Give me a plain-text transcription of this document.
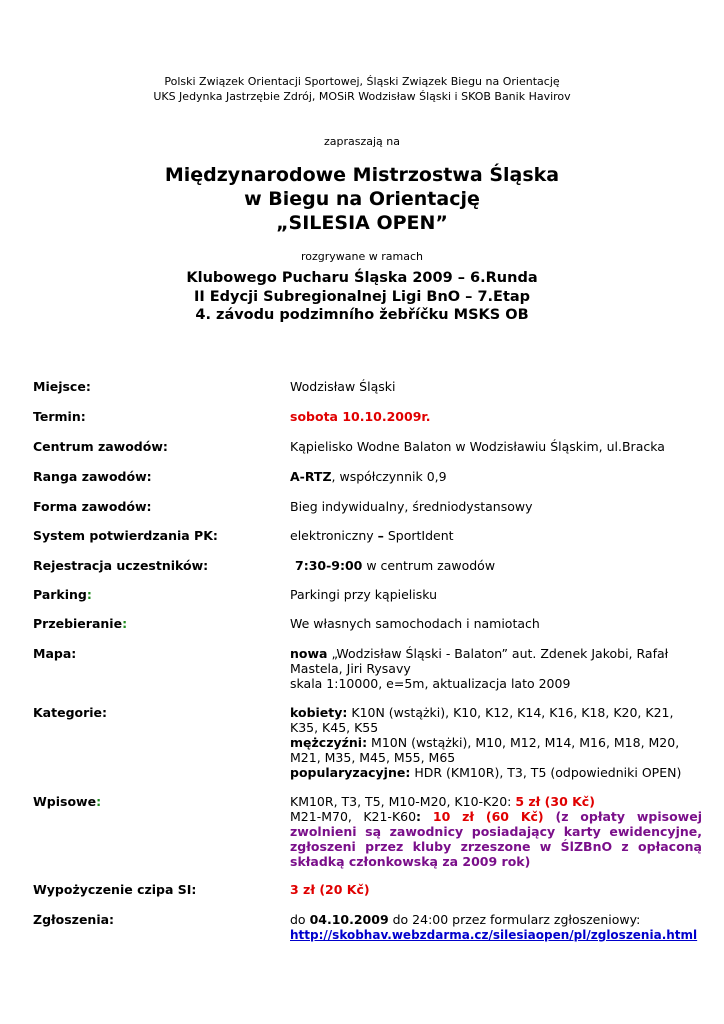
Polski Związek Orientacji Sportowej, Śląski Związek Biegu na Orientację
UKS Jedynka Jastrzębie Zdrój, MOSiR Wodzisław Śląski i SKOB Banik Havirov
zapraszają na
Międzynarodowe Mistrzostwa Śląska
w Biegu na Orientację
„SILESIA OPEN”
rozgrywane w ramach
Klubowego Pucharu Śląska 2009 – 6.Runda
II Edycji Subregionalnej Ligi BnO – 7.Etap
4. závodu podzimního žebříčku MSKS OB
Miejsce:	Wodzisław Śląski
Termin:	sobota 10.10.2009r.
Centrum zawodów:	Kąpielisko Wodne Balaton w Wodzisławiu Śląskim, ul.Bracka
Ranga zawodów:	A-RTZ, współczynnik 0,9
Forma zawodów:	Bieg indywidualny, średniodystansowy
System potwierdzania PK:	elektroniczny – SportIdent
Rejestracja uczestników:	7:30-9:00 w centrum zawodów
Parking:	Parkingi przy kąpielisku
Przebieranie:	We własnych samochodach i namiotach
Mapa:	nowa „Wodzisław Śląski - Balaton” aut. Zdenek Jakobi, Rafał Mastela, Jiri Rysavy
skala 1:10000, e=5m, aktualizacja lato 2009
Kategorie:	kobiety: K10N (wstążki), K10, K12, K14, K16, K18, K20, K21, K35, K45, K55
mężczyźni: M10N (wstążki), M10, M12, M14, M16, M18, M20, M21, M35, M45, M55, M65
popularyzacyjne: HDR (KM10R), T3, T5 (odpowiedniki OPEN)
Wpisowe:	KM10R, T3, T5, M10-M20, K10-K20: 5 zł (30 Kč)
M21-M70, K21-K60: 10 zł (60 Kč) (z opłaty wpisowej zwolnieni są zawodnicy posiadający karty ewidencyjne, zgłoszeni przez kluby zrzeszone w ŚlZBnO z opłaconą składką członkowską za 2009 rok)
Wypożyczenie czipa SI:	3 zł (20 Kč)
Zgłoszenia:	do 04.10.2009 do 24:00 przez formularz zgłoszeniowy:
http://skobhav.webzdarma.cz/silesiaopen/pl/zgloszenia.html
